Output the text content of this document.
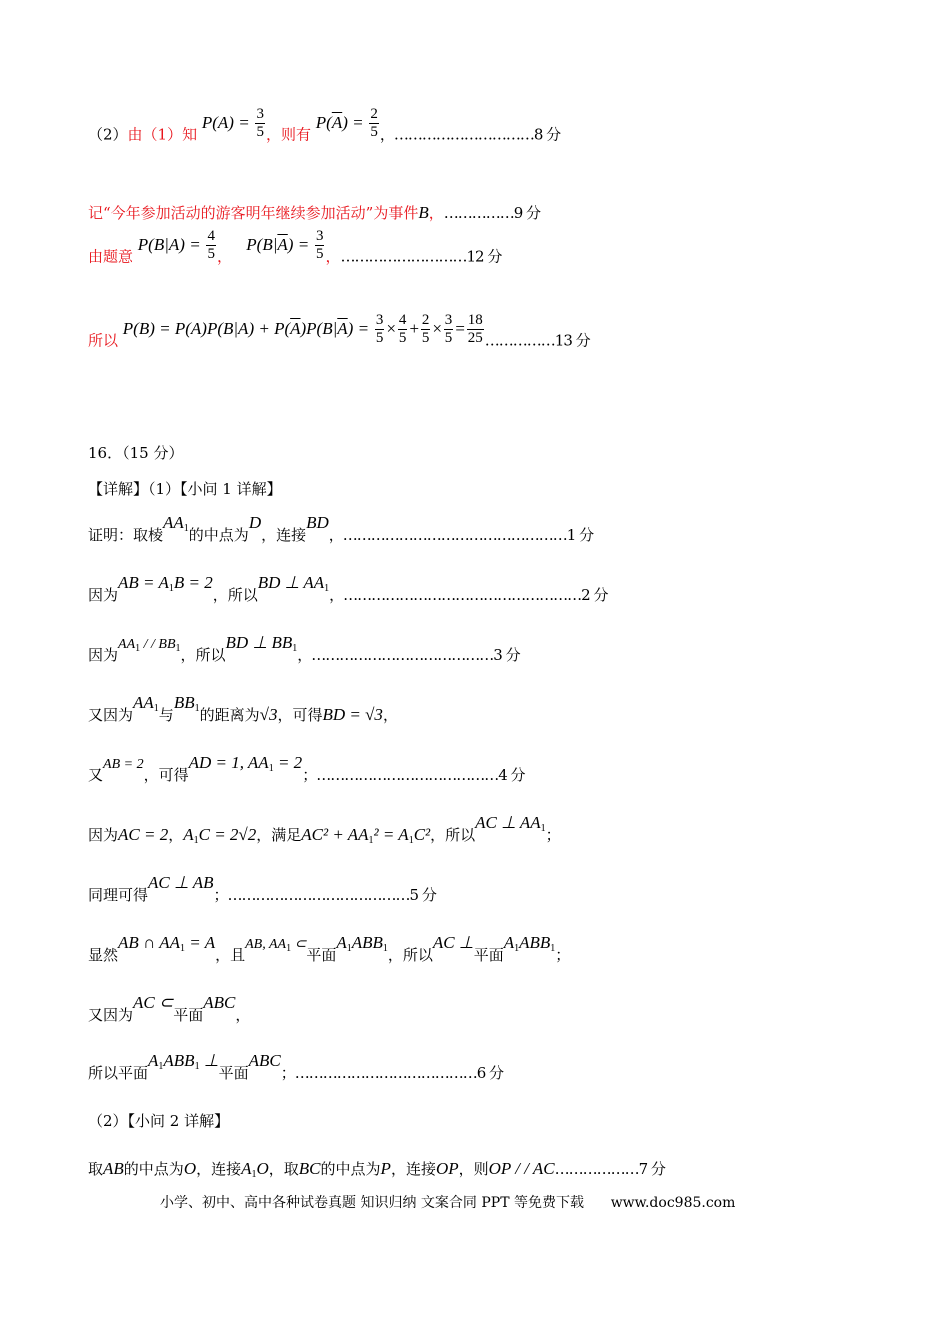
（2）由（1）知 $P(A) = \frac{3}{5}$ ，则有 $P(\overline{A}) = \frac{2}{5}$ ，…………………………8 分
记“今年参加活动的游客明年继续参加活动”为事件B，……………9 分
由题意 $P(B|A) = \frac{4}{5}$ ，   $P(B|\overline{A}) = \frac{3}{5}$ ，………………………12 分
所以 $P(B) = P(A)P(B|A) + P(\overline{A})P(B|\overline{A}) = \frac{3}{5} \times \frac{4}{5} + \frac{2}{5} \times \frac{3}{5} = \frac{18}{25}$ ……………13 分
16．（15 分）
【详解】（1）【小问 1 详解】
证明：取棱$AA_1$的中点为D，连接BD，…………………………………………1 分
因为AB = $A_1B = 2$，所以BD ⊥ $AA_1$，……………………………………………2 分
因为$AA_1$ / / $BB_1$，所以BD ⊥ $BB_1$，…………………………………3 分
又因为$AA_1$与$BB_1$的距离为√3，可得BD = √3，
又AB = 2，可得AD = 1, $AA_1 = 2$；…………………………………4 分
因为AC = 2，$A_1C = 2√2$，满足$AC^2 + AA_1^2 = A_1C^2$，所以AC ⊥ $AA_1$；
同理可得AC ⊥ AB；…………………………………5 分
显然AB ∩ $AA_1 = A$，且AB, $AA_1$ ⊂平面$A_1ABB_1$，所以AC ⊥平面$A_1ABB_1$；
又因为AC ⊂平面ABC，
所以平面$A_1ABB_1$ ⊥平面ABC；…………………………………6 分
（2）【小问 2 详解】
取AB的中点为O，连接$A_1O$，取BC的中点为P，连接OP，则OP / / AC………………7 分
小学、初中、高中各种试卷真题 知识归纳 文案合同 PPT 等免费下载 www.doc985.com
